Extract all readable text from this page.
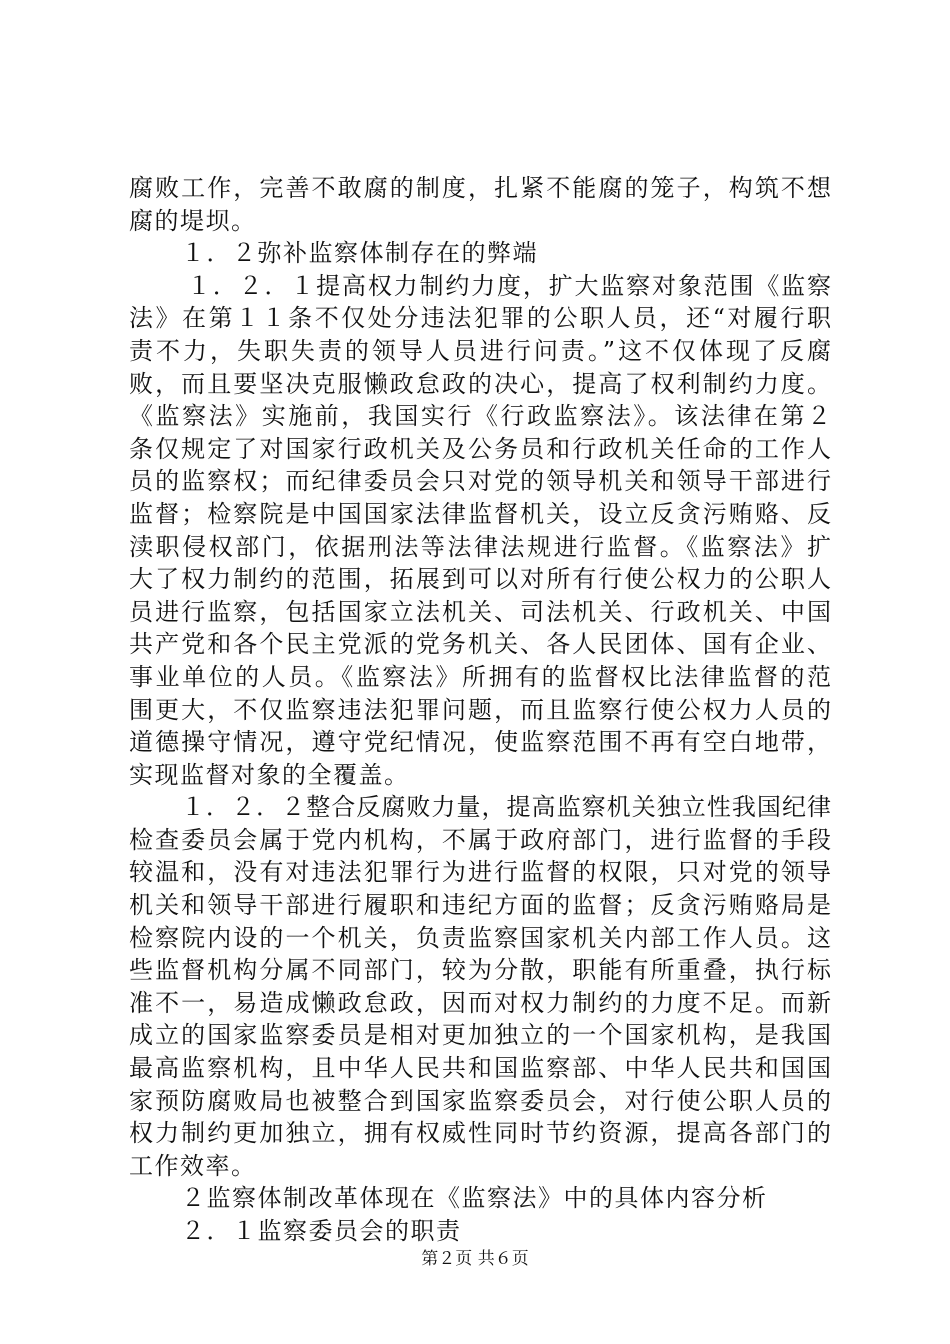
腐败工作，完善不敢腐的制度，扎紧不能腐的笼子，构筑不想
腐的堤坝。
１．２弥补监察体制存在的弊端
１．２．１提高权力制约力度，扩大监察对象范围《监察
法》在第１１条不仅处分违法犯罪的公职人员，还“对履行职
责不力，失职失责的领导人员进行问责。”这不仅体现了反腐
败，而且要坚决克服懒政怠政的决心，提高了权利制约力度。
《监察法》实施前，我国实行《行政监察法》。该法律在第２
条仅规定了对国家行政机关及公务员和行政机关任命的工作人
员的监察权；而纪律委员会只对党的领导机关和领导干部进行
监督；检察院是中国国家法律监督机关，设立反贪污贿赂、反
渎职侵权部门，依据刑法等法律法规进行监督。《监察法》扩
大了权力制约的范围，拓展到可以对所有行使公权力的公职人
员进行监察，包括国家立法机关、司法机关、行政机关、中国
共产党和各个民主党派的党务机关、各人民团体、国有企业、
事业单位的人员。《监察法》所拥有的监督权比法律监督的范
围更大，不仅监察违法犯罪问题，而且监察行使公权力人员的
道德操守情况，遵守党纪情况，使监察范围不再有空白地带，
实现监督对象的全覆盖。
１．２．２整合反腐败力量，提高监察机关独立性我国纪律
检查委员会属于党内机构，不属于政府部门，进行监督的手段
较温和，没有对违法犯罪行为进行监督的权限，只对党的领导
机关和领导干部进行履职和违纪方面的监督；反贪污贿赂局是
检察院内设的一个机关，负责监察国家机关内部工作人员。这
些监督机构分属不同部门，较为分散，职能有所重叠，执行标
准不一，易造成懒政怠政，因而对权力制约的力度不足。而新
成立的国家监察委员是相对更加独立的一个国家机构，是我国
最高监察机构，且中华人民共和国监察部、中华人民共和国国
家预防腐败局也被整合到国家监察委员会，对行使公职人员的
权力制约更加独立，拥有权威性同时节约资源，提高各部门的
工作效率。
２监察体制改革体现在《监察法》中的具体内容分析
２．１监察委员会的职责
第２页 共６页
